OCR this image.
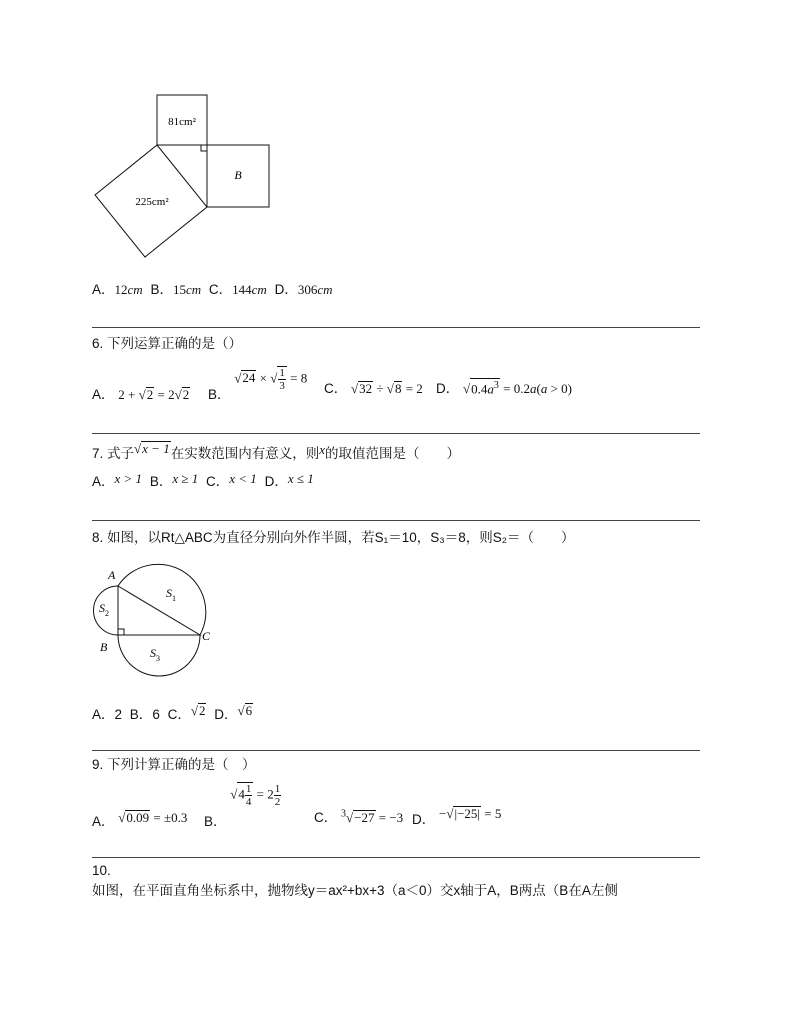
81cm²
225cm²
B
A．12cm B．15cm C．144cm D．306cm
6. 下列运算正确的是（）
A． 2 + √2 = 2√2 B． √24 × √ $\frac{1}{3} = 8$
C． √32 ÷ √8 = 2 D． $√0.4a^3 = 0.2a(a > 0)$
7. 式子√x − 1在实数范围内有意义，则x的取值范围是（　　）
A．x > 1 B．x ≥ 1 C．x < 1 D．x ≤ 1
8. 如图，以Rt△ABC为直径分别向外作半圆，若S₁＝10，S₃＝8，则S₂＝（　　）
A
B
C
$S_1$
$S_2$
$S_3$
A．2 B．6 C．√2 D．√6
9. 下列计算正确的是（　）
A． √0.09 = ±0.3 B． $√4 \frac{1}{4} = 2 \frac{1}{2}$
C． $^3$√−27 = −3 D． −√|−25| = 5
10.
如图，在平面直角坐标系中，抛物线y＝ax²+bx+3（a＜0）交x轴于A，B两点（B在A左侧
